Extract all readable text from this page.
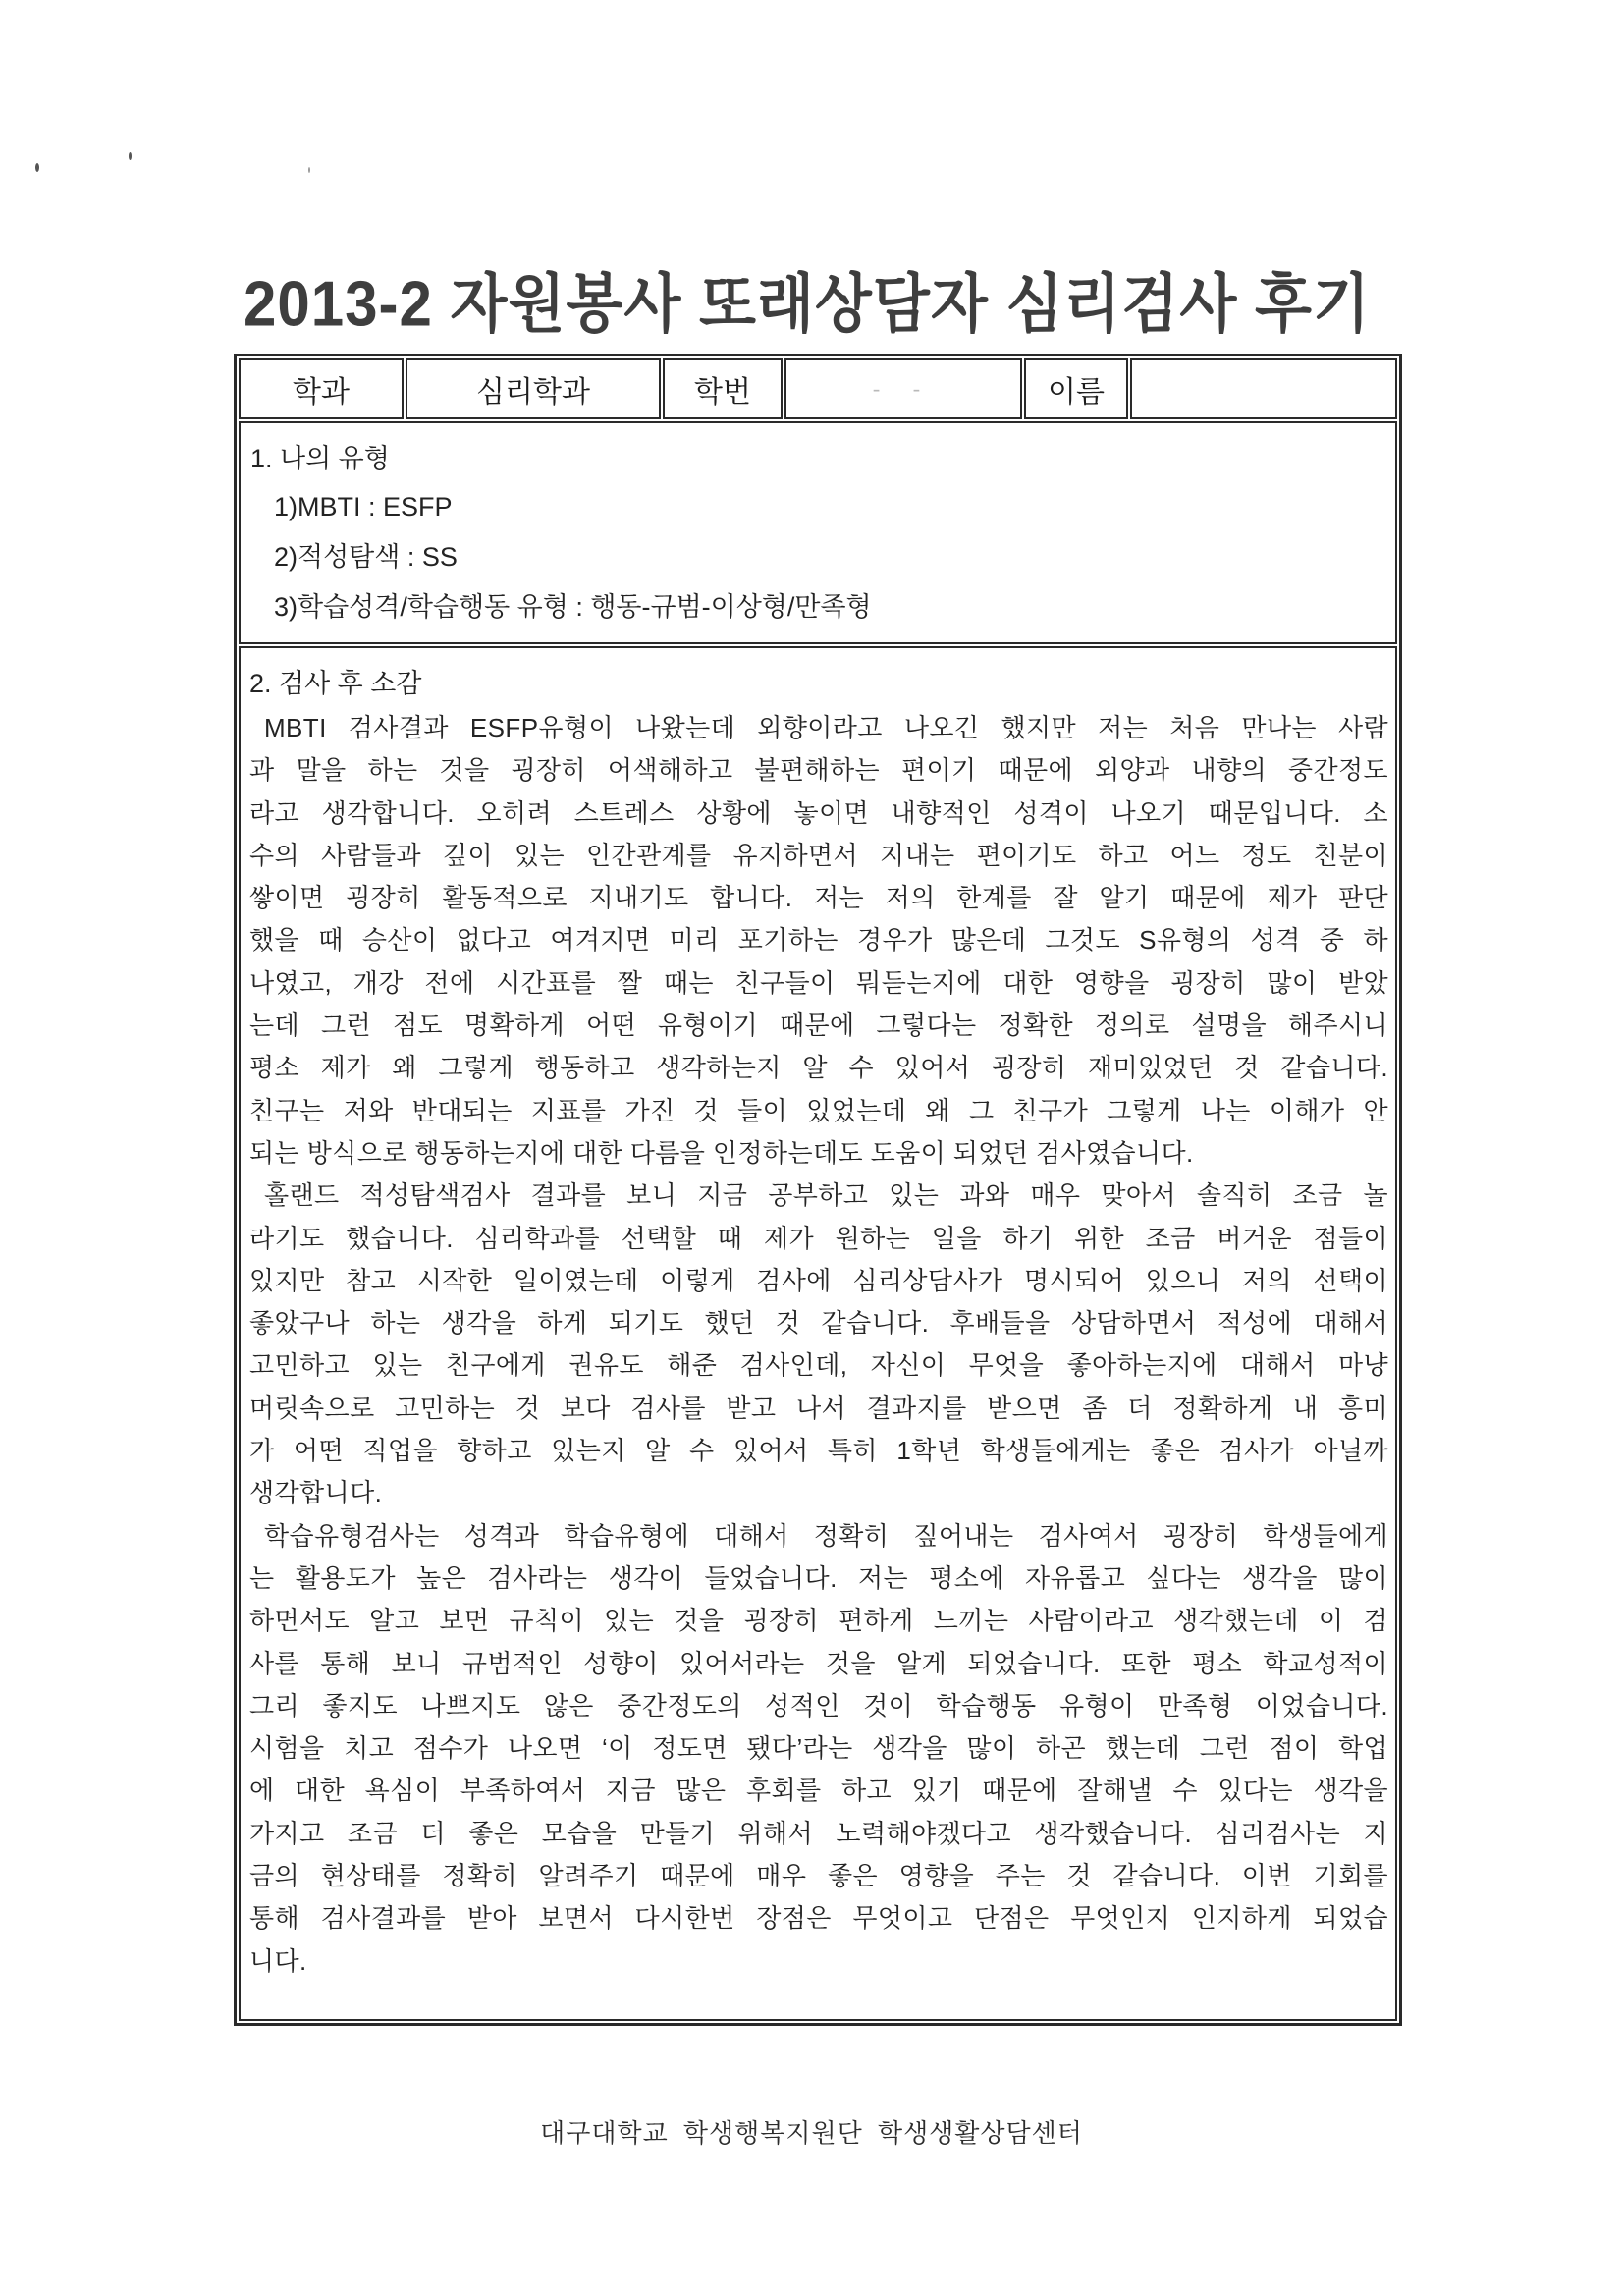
2013-2 자원봉사 또래상담자 심리검사 후기
학과	심리학과	학번	- -	이름	

1. 나의 유형
1)MBTI : ESFP
2)적성탐색 : SS
3)학습성격/학습행동 유형 : 행동-규범-이상형/만족형

2. 검사 후 소감
MBTI 검사결과 ESFP유형이 나왔는데 외향이라고 나오긴 했지만 저는 처음 만나는 사람
과 말을 하는 것을 굉장히 어색해하고 불편해하는 편이기 때문에 외양과 내향의 중간정도
라고 생각합니다. 오히려 스트레스 상황에 놓이면 내향적인 성격이 나오기 때문입니다. 소
수의 사람들과 깊이 있는 인간관계를 유지하면서 지내는 편이기도 하고 어느 정도 친분이
쌓이면 굉장히 활동적으로 지내기도 합니다. 저는 저의 한계를 잘 알기 때문에 제가 판단
했을 때 승산이 없다고 여겨지면 미리 포기하는 경우가 많은데 그것도 S유형의 성격 중 하
나였고, 개강 전에 시간표를 짤 때는 친구들이 뭐듣는지에 대한 영향을 굉장히 많이 받았
는데 그런 점도 명확하게 어떤 유형이기 때문에 그렇다는 정확한 정의로 설명을 해주시니
평소 제가 왜 그렇게 행동하고 생각하는지 알 수 있어서 굉장히 재미있었던 것 같습니다.
친구는 저와 반대되는 지표를 가진 것 들이 있었는데 왜 그 친구가 그렇게 나는 이해가 안
되는 방식으로 행동하는지에 대한 다름을 인정하는데도 도움이 되었던 검사였습니다.
홀랜드 적성탐색검사 결과를 보니 지금 공부하고 있는 과와 매우 맞아서 솔직히 조금 놀
라기도 했습니다. 심리학과를 선택할 때 제가 원하는 일을 하기 위한 조금 버거운 점들이
있지만 참고 시작한 일이였는데 이렇게 검사에 심리상담사가 명시되어 있으니 저의 선택이
좋았구나 하는 생각을 하게 되기도 했던 것 같습니다. 후배들을 상담하면서 적성에 대해서
고민하고 있는 친구에게 권유도 해준 검사인데, 자신이 무엇을 좋아하는지에 대해서 마냥
머릿속으로 고민하는 것 보다 검사를 받고 나서 결과지를 받으면 좀 더 정확하게 내 흥미
가 어떤 직업을 향하고 있는지 알 수 있어서 특히 1학년 학생들에게는 좋은 검사가 아닐까
생각합니다.
학습유형검사는 성격과 학습유형에 대해서 정확히 짚어내는 검사여서 굉장히 학생들에게
는 활용도가 높은 검사라는 생각이 들었습니다. 저는 평소에 자유롭고 싶다는 생각을 많이
하면서도 알고 보면 규칙이 있는 것을 굉장히 편하게 느끼는 사람이라고 생각했는데 이 검
사를 통해 보니 규범적인 성향이 있어서라는 것을 알게 되었습니다. 또한 평소 학교성적이
그리 좋지도 나쁘지도 않은 중간정도의 성적인 것이 학습행동 유형이 만족형 이었습니다.
시험을 치고 점수가 나오면 ‘이 정도면 됐다’라는 생각을 많이 하곤 했는데 그런 점이 학업
에 대한 욕심이 부족하여서 지금 많은 후회를 하고 있기 때문에 잘해낼 수 있다는 생각을
가지고 조금 더 좋은 모습을 만들기 위해서 노력해야겠다고 생각했습니다. 심리검사는 지
금의 현상태를 정확히 알려주기 때문에 매우 좋은 영향을 주는 것 같습니다. 이번 기회를
통해 검사결과를 받아 보면서 다시한번 장점은 무엇이고 단점은 무엇인지 인지하게 되었습
니다.
대구대학교 학생행복지원단 학생생활상담센터
